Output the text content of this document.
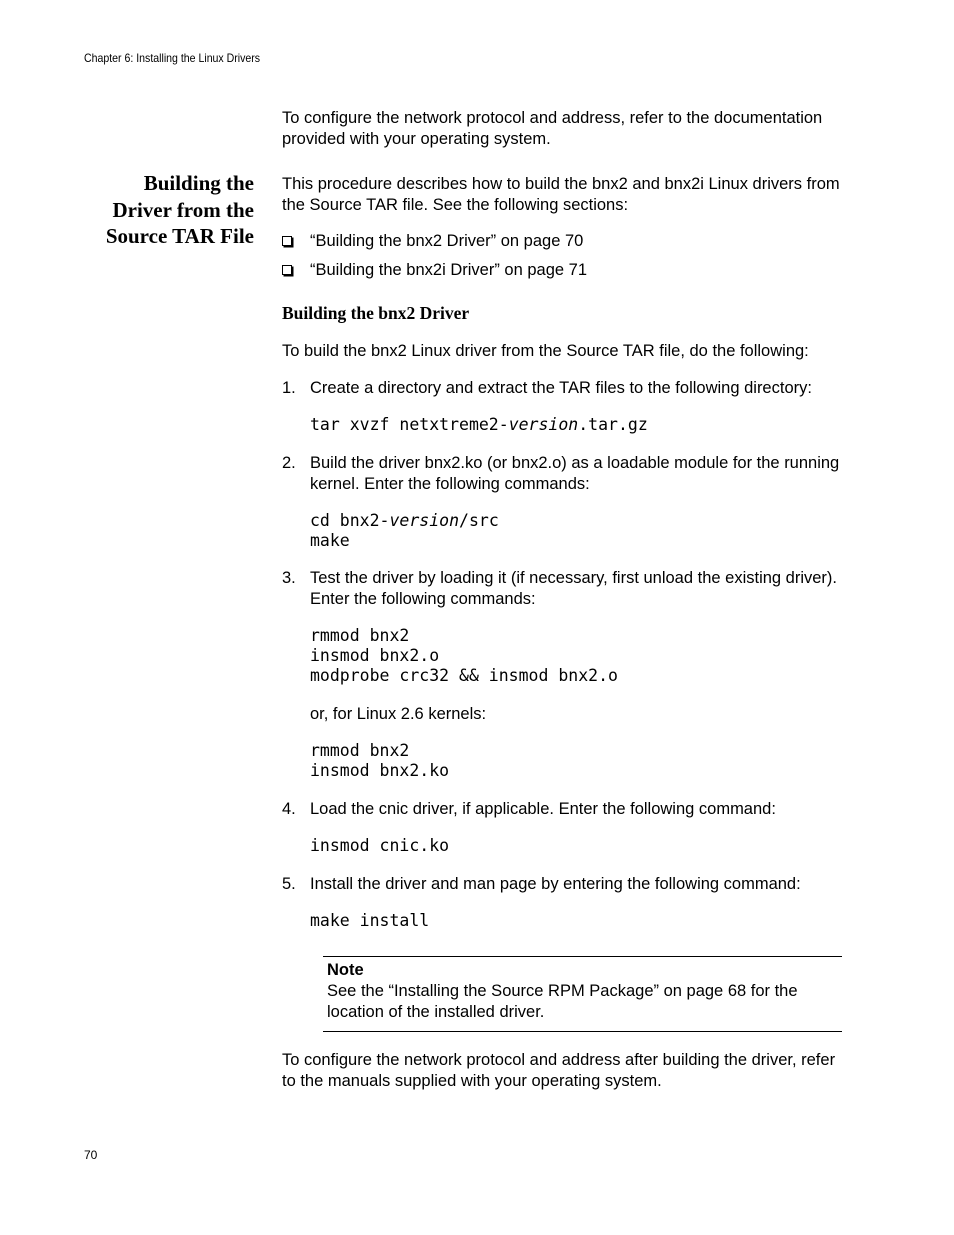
Chapter 6: Installing the Linux Drivers
To configure the network protocol and address, refer to the documentation provided with your operating system.
Building the
Driver from the
Source TAR File
This procedure describes how to build the bnx2 and bnx2i Linux drivers from the Source TAR file. See the following sections:
“Building the bnx2 Driver” on page 70
“Building the bnx2i Driver” on page 71
Building the bnx2 Driver
To build the bnx2 Linux driver from the Source TAR file, do the following:
1. Create a directory and extract the TAR files to the following directory:
tar xvzf netxtreme2-version.tar.gz
2. Build the driver bnx2.ko (or bnx2.o) as a loadable module for the running kernel. Enter the following commands:
cd bnx2-version/src
make
3. Test the driver by loading it (if necessary, first unload the existing driver). Enter the following commands:
rmmod bnx2
insmod bnx2.o
modprobe crc32 && insmod bnx2.o
or, for Linux 2.6 kernels:
rmmod bnx2
insmod bnx2.ko
4. Load the cnic driver, if applicable. Enter the following command:
insmod cnic.ko
5. Install the driver and man page by entering the following command:
make install
Note
See the “Installing the Source RPM Package” on page 68 for the location of the installed driver.
To configure the network protocol and address after building the driver, refer to the manuals supplied with your operating system.
70
